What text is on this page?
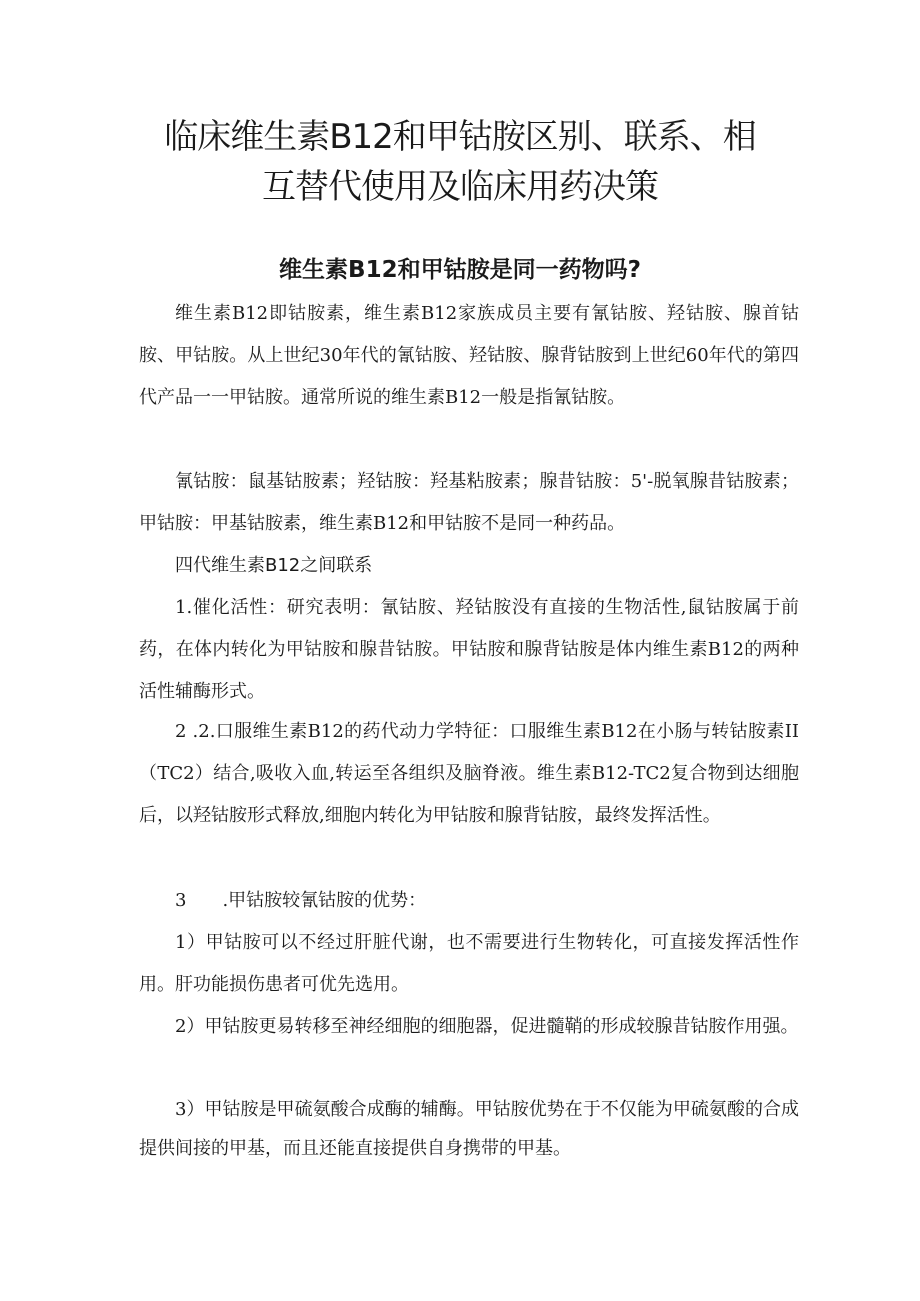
临床维生素B12和甲钴胺区别、联系、相
互替代使用及临床用药决策
维生素B12和甲钴胺是同一药物吗?

维生素B12即钴胺素，维生素B12家族成员主要有氰钴胺、羟钴胺、腺首钴胺、甲钴胺。从上世纪30年代的氰钴胺、羟钴胺、腺背钴胺到上世纪60年代的第四代产品一一甲钴胺。通常所说的维生素B12一般是指氰钴胺。

氰钴胺：鼠基钴胺素；羟钴胺：羟基粘胺素；腺昔钴胺：5'-脱氧腺昔钴胺素；甲钴胺：甲基钴胺素，维生素B12和甲钴胺不是同一种药品。

四代维生素B12之间联系

1.催化活性：研究表明：氰钴胺、羟钴胺没有直接的生物活性,鼠钴胺属于前药，在体内转化为甲钴胺和腺昔钴胺。甲钴胺和腺背钴胺是体内维生素B12的两种活性辅酶形式。

2 .2.口服维生素B12的药代动力学特征：口服维生素B12在小肠与转钴胺素II（TC2）结合,吸收入血,转运至各组织及脑脊液。维生素B12-TC2复合物到达细胞后，以羟钴胺形式释放,细胞内转化为甲钴胺和腺背钴胺，最终发挥活性。

3　　.甲钴胺较氰钴胺的优势：

1）甲钴胺可以不经过肝脏代谢，也不需要进行生物转化，可直接发挥活性作用。肝功能损伤患者可优先选用。

2）甲钴胺更易转移至神经细胞的细胞器，促进髓鞘的形成较腺昔钴胺作用强。

3）甲钴胺是甲硫氨酸合成酶的辅酶。甲钴胺优势在于不仅能为甲硫氨酸的合成提供间接的甲基，而且还能直接提供自身携带的甲基。
